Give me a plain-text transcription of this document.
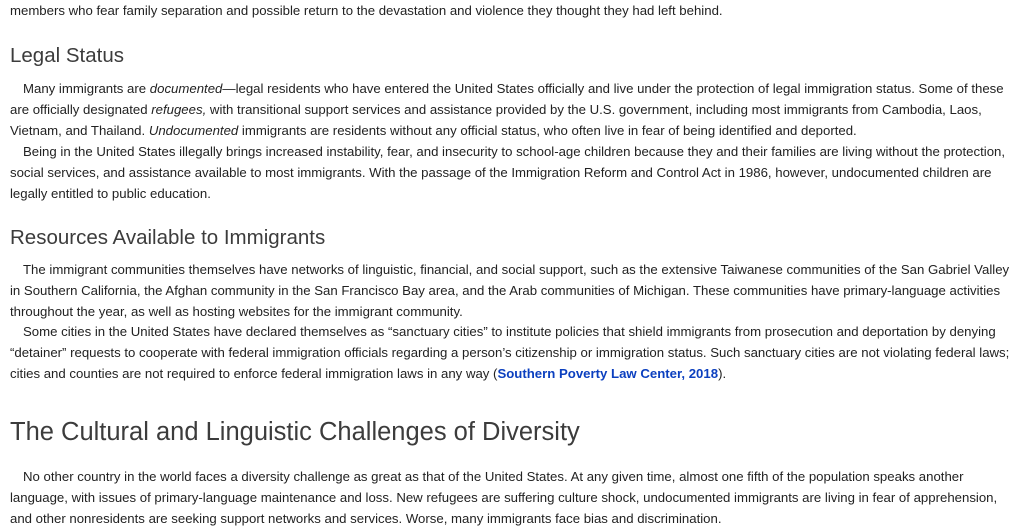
members who fear family separation and possible return to the devastation and violence they thought they had left behind.

Legal Status

Many immigrants are documented—legal residents who have entered the United States officially and live under the protection of legal immigration status. Some of these are officially designated refugees, with transitional support services and assistance provided by the U.S. government, including most immigrants from Cambodia, Laos, Vietnam, and Thailand. Undocumented immigrants are residents without any official status, who often live in fear of being identified and deported.

Being in the United States illegally brings increased instability, fear, and insecurity to school-age children because they and their families are living without the protection, social services, and assistance available to most immigrants. With the passage of the Immigration Reform and Control Act in 1986, however, undocumented children are legally entitled to public education.

Resources Available to Immigrants

The immigrant communities themselves have networks of linguistic, financial, and social support, such as the extensive Taiwanese communities of the San Gabriel Valley in Southern California, the Afghan community in the San Francisco Bay area, and the Arab communities of Michigan. These communities have primary-language activities throughout the year, as well as hosting websites for the immigrant community.

Some cities in the United States have declared themselves as “sanctuary cities” to institute policies that shield immigrants from prosecution and deportation by denying “detainer” requests to cooperate with federal immigration officials regarding a person’s citizenship or immigration status. Such sanctuary cities are not violating federal laws; cities and counties are not required to enforce federal immigration laws in any way (Southern Poverty Law Center, 2018).

The Cultural and Linguistic Challenges of Diversity

No other country in the world faces a diversity challenge as great as that of the United States. At any given time, almost one fifth of the population speaks another language, with issues of primary-language maintenance and loss. New refugees are suffering culture shock, undocumented immigrants are living in fear of apprehension, and other nonresidents are seeking support networks and services. Worse, many immigrants face bias and discrimination.
